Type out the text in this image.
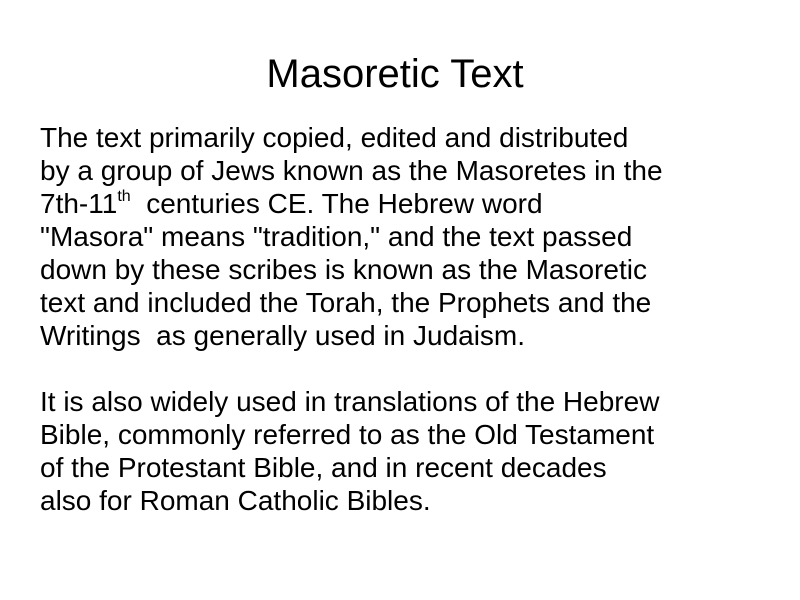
Masoretic Text

The text primarily copied, edited and distributed
by a group of Jews known as the Masoretes in the
7th-11th  centuries CE. The Hebrew word
"Masora" means "tradition," and the text passed
down by these scribes is known as the Masoretic
text and included the Torah, the Prophets and the
Writings  as generally used in Judaism.

It is also widely used in translations of the Hebrew
Bible, commonly referred to as the Old Testament
of the Protestant Bible, and in recent decades
also for Roman Catholic Bibles.
